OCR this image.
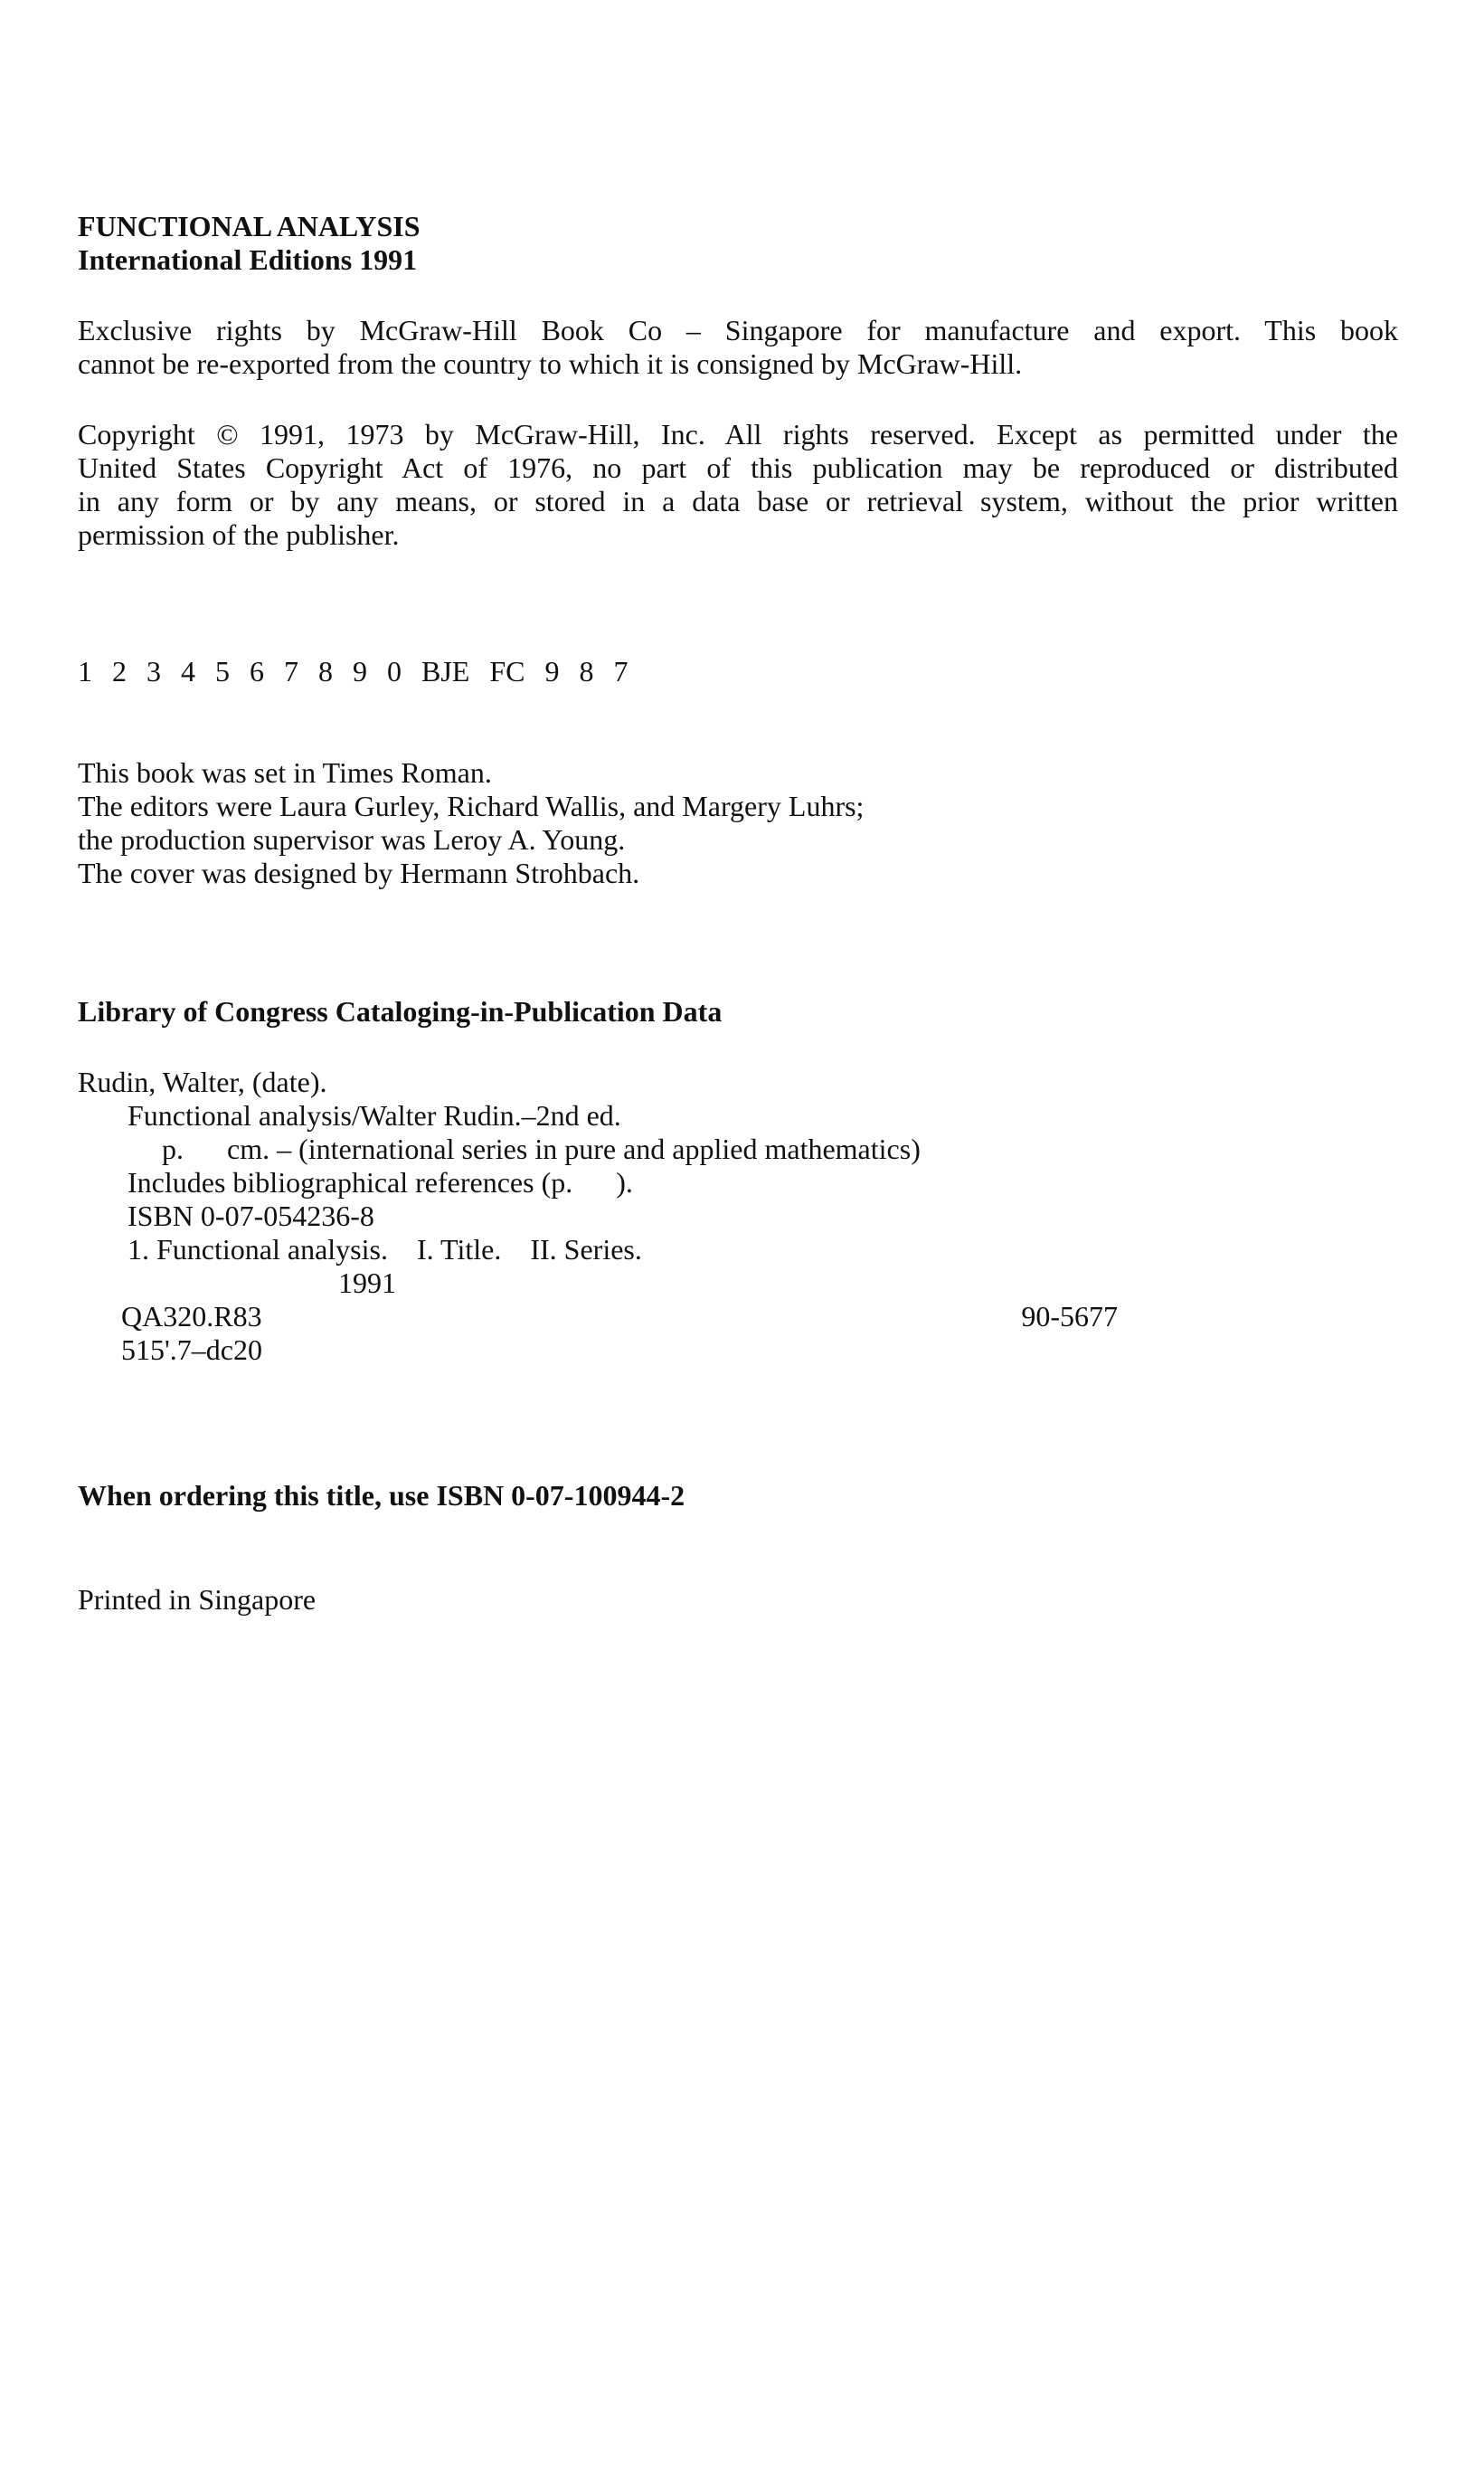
FUNCTIONAL ANALYSIS
International Editions 1991
Exclusive rights by McGraw-Hill Book Co – Singapore for manufacture and export. This book
cannot be re-exported from the country to which it is consigned by McGraw-Hill.
Copyright © 1991, 1973 by McGraw-Hill, Inc. All rights reserved. Except as permitted under the
United States Copyright Act of 1976, no part of this publication may be reproduced or distributed
in any form or by any means, or stored in a data base or retrieval system, without the prior written
permission of the publisher.
1 2 3 4 5 6 7 8 9 0 BJE FC 9 8 7
This book was set in Times Roman.
The editors were Laura Gurley, Richard Wallis, and Margery Luhrs;
the production supervisor was Leroy A. Young.
The cover was designed by Hermann Strohbach.
Library of Congress Cataloging-in-Publication Data
Rudin, Walter, (date).
Functional analysis/Walter Rudin.–2nd ed.
p.      cm. – (international series in pure and applied mathematics)
Includes bibliographical references (p.      ).
ISBN 0-07-054236-8
1. Functional analysis.    I. Title.    II. Series.

QA320.R83

1991

515'.7–dc20

90-5677

When ordering this title, use ISBN 0-07-100944-2
Printed in Singapore
